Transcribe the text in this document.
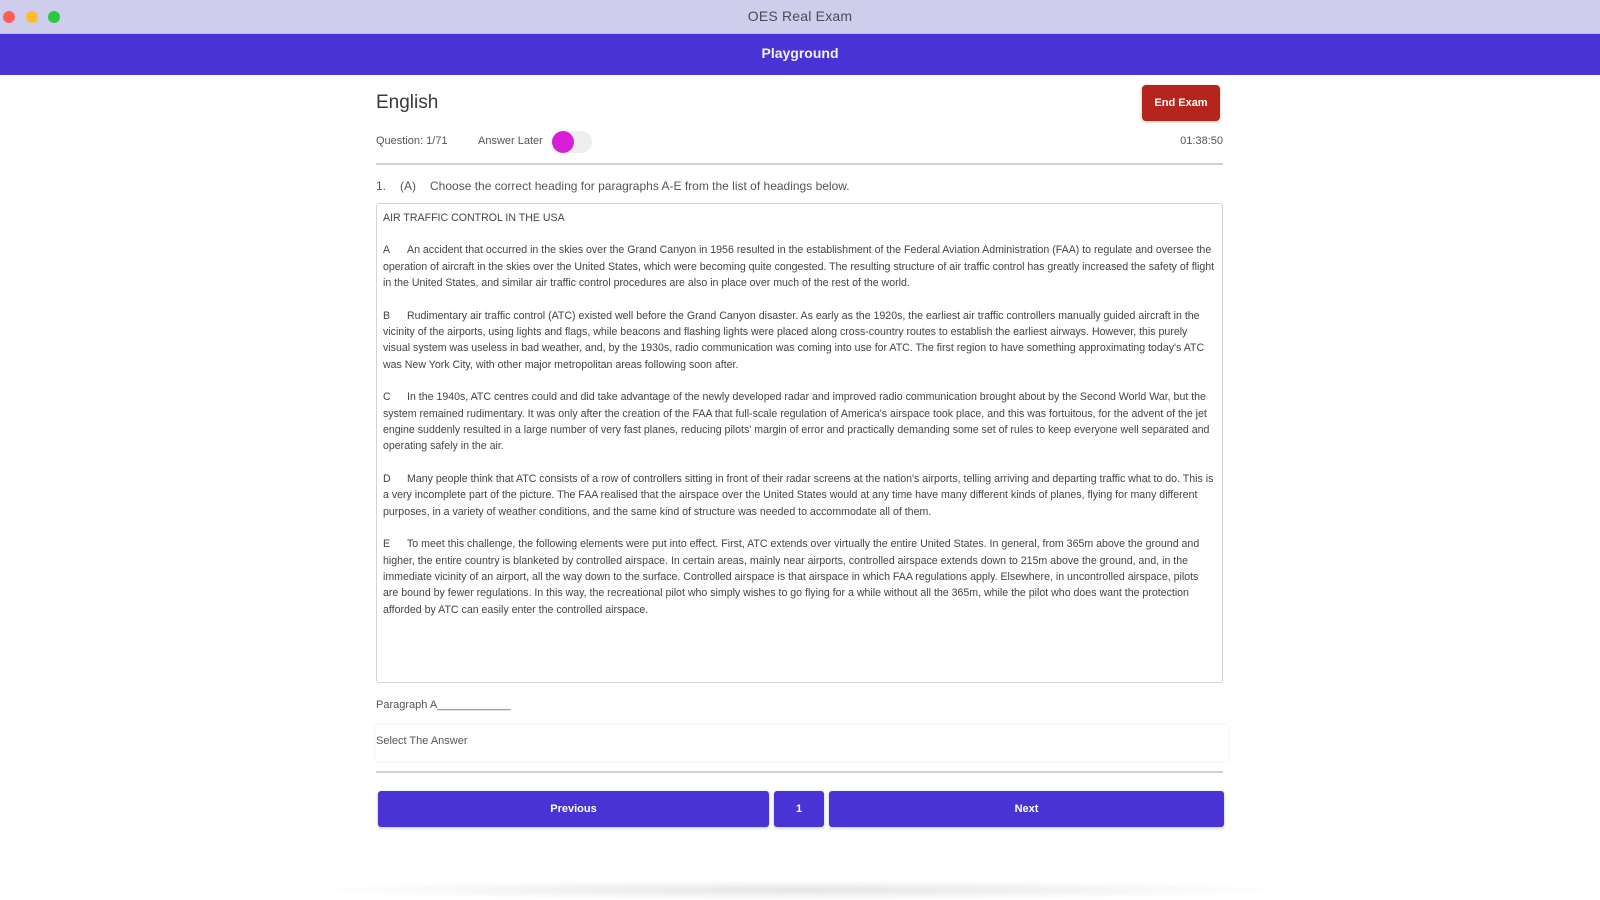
OES Real Exam
Playground
English	End Exam
Question: 1/71	Answer Later	01:38:50
1. (A) Choose the correct heading for paragraphs A-E from the list of headings below.
AIR TRAFFIC CONTROL IN THE USA
A An accident that occurred in the skies over the Grand Canyon in 1956 resulted in the establishment of the Federal Aviation Administration (FAA) to regulate and oversee the operation of aircraft in the skies over the United States, which were becoming quite congested. The resulting structure of air traffic control has greatly increased the safety of flight in the United States, and similar air traffic control procedures are also in place over much of the rest of the world.
B Rudimentary air traffic control (ATC) existed well before the Grand Canyon disaster. As early as the 1920s, the earliest air traffic controllers manually guided aircraft in the vicinity of the airports, using lights and flags, while beacons and flashing lights were placed along cross-country routes to establish the earliest airways. However, this purely visual system was useless in bad weather, and, by the 1930s, radio communication was coming into use for ATC. The first region to have something approximating today's ATC was New York City, with other major metropolitan areas following soon after.
C In the 1940s, ATC centres could and did take advantage of the newly developed radar and improved radio communication brought about by the Second World War, but the system remained rudimentary. It was only after the creation of the FAA that full-scale regulation of America's airspace took place, and this was fortuitous, for the advent of the jet engine suddenly resulted in a large number of very fast planes, reducing pilots' margin of error and practically demanding some set of rules to keep everyone well separated and operating safely in the air.
D Many people think that ATC consists of a row of controllers sitting in front of their radar screens at the nation's airports, telling arriving and departing traffic what to do. This is a very incomplete part of the picture. The FAA realised that the airspace over the United States would at any time have many different kinds of planes, flying for many different purposes, in a variety of weather conditions, and the same kind of structure was needed to accommodate all of them.
E To meet this challenge, the following elements were put into effect. First, ATC extends over virtually the entire United States. In general, from 365m above the ground and higher, the entire country is blanketed by controlled airspace. In certain areas, mainly near airports, controlled airspace extends down to 215m above the ground, and, in the immediate vicinity of an airport, all the way down to the surface. Controlled airspace is that airspace in which FAA regulations apply. Elsewhere, in uncontrolled airspace, pilots are bound by fewer regulations. In this way, the recreational pilot who simply wishes to go flying for a while without all the 365m, while the pilot who does want the protection afforded by ATC can easily enter the controlled airspace.
Paragraph A____________
Select The Answer
Previous	1	Next
